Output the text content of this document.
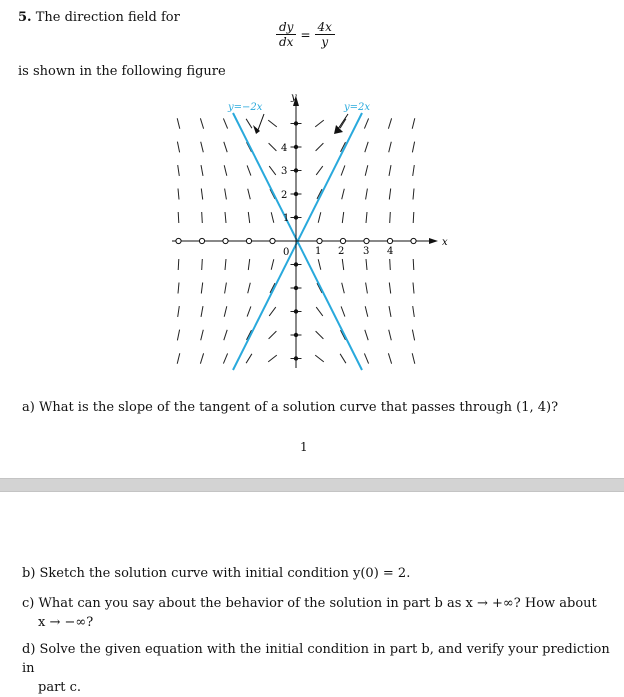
5. The direction field for
dy	=	4x
dx		y
is shown in the following figure
y=−2x	y=2x
y
x
0	1 2 3 4
1
2
3
4
a) What is the slope of the tangent of a solution curve that passes through (1, 4)?
1
b) Sketch the solution curve with initial condition y(0) = 2.
c) What can you say about the behavior of the solution in part b as x → +∞? How about
x → −∞?
d) Solve the given equation with the initial condition in part b, and verify your prediction in
part c.
